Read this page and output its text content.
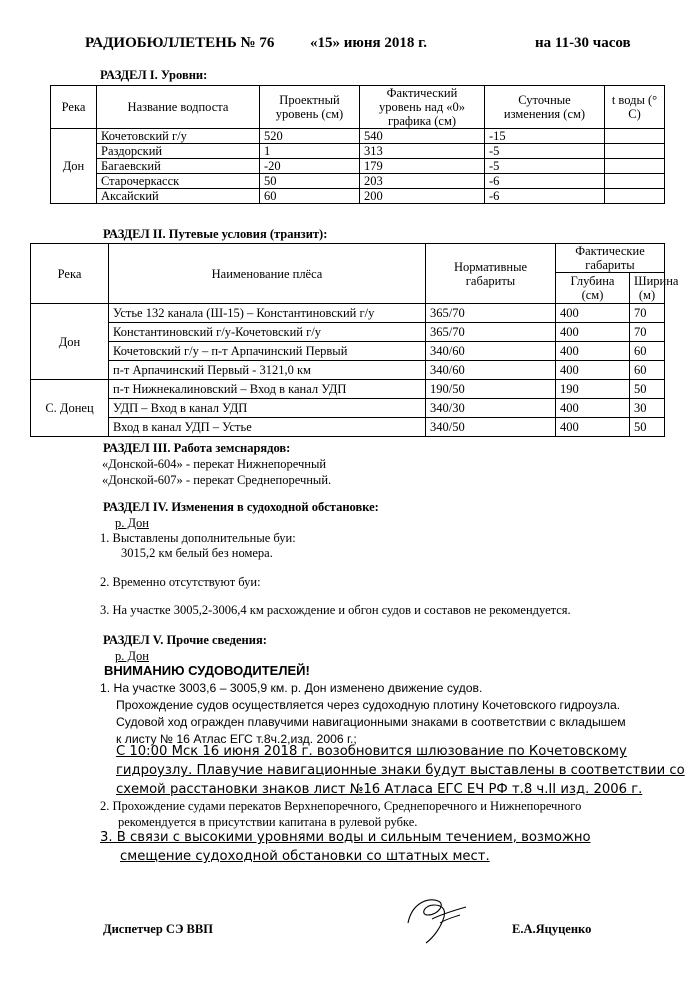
РАДИОБЮЛЛЕТЕНЬ № 76 «15» июня 2018 г.	на 11-30 часов
РАЗДЕЛ I. Уровни:
Река	Название водпоста	Проектный уровень (см)	Фактический уровень над «0» графика (см)	Суточные изменения (см)	t воды (° С)
Дон	Кочетовский г/у	520	540	-15	
	Раздорский	1	313	-5	
	Багаевский	-20	179	-5	
	Старочеркасск	50	203	-6	
	Аксайский	60	200	-6	
РАЗДЕЛ II. Путевые условия (транзит):
Река	Наименование плёса	Нормативные габариты	Фактические габариты	
			Глубина (см)	Ширина (м)
Дон	Устье 132 канала (Ш-15) – Константиновский г/у	365/70	400	70
	Константиновский г/у-Кочетовский г/у	365/70	400	70
	Кочетовский г/у – п-т Арпачинский Первый	340/60	400	60
	п-т Арпачинский Первый - 3121,0 км	340/60	400	60
С. Донец	п-т Нижнекалиновский – Вход в канал УДП	190/50	190	50
	УДП – Вход в канал УДП	340/30	400	30
	Вход в канал УДП – Устье	340/50	400	50
РАЗДЕЛ III. Работа земснарядов:
«Донской-604» - перекат Нижнепоречный
«Донской-607» - перекат Среднепоречный.
РАЗДЕЛ IV. Изменения в судоходной обстановке:
р. Дон
1. Выставлены дополнительные буи:
3015,2 км белый без номера.
2. Временно отсутствуют буи:
3. На участке 3005,2-3006,4 км расхождение и обгон судов и составов не рекомендуется.
РАЗДЕЛ V. Прочие сведения:
р. Дон
ВНИМАНИЮ СУДОВОДИТЕЛЕЙ!
1. На участке 3003,6 – 3005,9 км. р. Дон изменено движение судов.
Прохождение судов осуществляется через судоходную плотину Кочетовского гидроузла.
Судовой ход огражден плавучими навигационными знаками в соответствии с вкладышем
к листу № 16 Атлас ЕГС т.8ч.2,изд. 2006 г.;
С 10:00 Мск 16 июня 2018 г. возобновится шлюзование по Кочетовскому
гидроузлу. Плавучие навигационные знаки будут выставлены в соответствии со
схемой расстановки знаков лист №16 Атласа ЕГС ЕЧ РФ т.8 ч.II изд. 2006 г.
2. Прохождение судами перекатов Верхнепоречного, Среднепоречного и Нижнепоречного
рекомендуется в присутствии капитана в рулевой рубке.
3. В связи с высокими уровнями воды и сильным течением, возможно
смещение судоходной обстановки со штатных мест.
Диспетчер СЭ ВВП	Е.А.Яцуценко
